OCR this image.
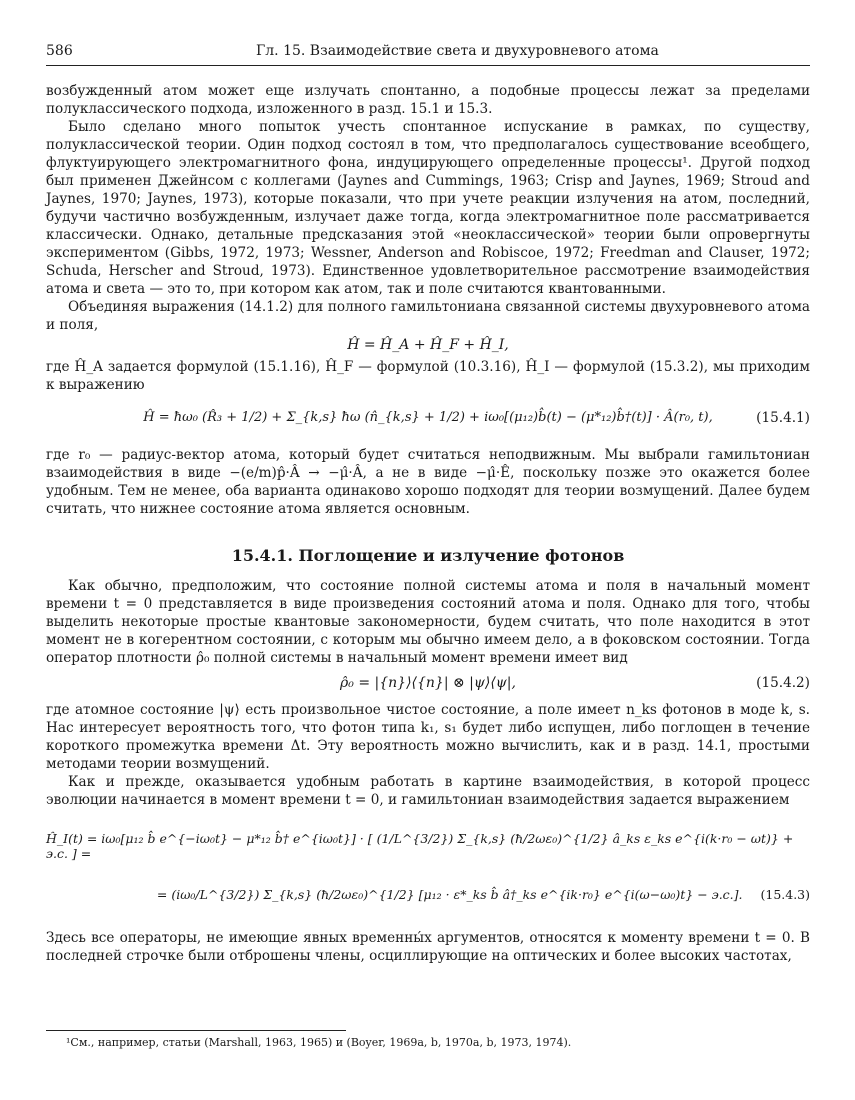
586	Гл. 15. Взаимодействие света и двухуровневого атома

возбужденный атом может еще излучать спонтанно, а подобные процессы лежат за пределами полуклассического подхода, изложенного в разд. 15.1 и 15.3.

Было сделано много попыток учесть спонтанное испускание в рамках, по существу, полуклассической теории. Один подход состоял в том, что предполагалось существование всеобщего, флуктуирующего электромагнитного фона, индуцирующего определенные процессы¹. Другой подход был применен Джейнсом с коллегами (Jaynes and Cummings, 1963; Crisp and Jaynes, 1969; Stroud and Jaynes, 1970; Jaynes, 1973), которые показали, что при учете реакции излучения на атом, последний, будучи частично возбужденным, излучает даже тогда, когда электромагнитное поле рассматривается классически. Однако, детальные предсказания этой «неоклассической» теории были опровергнуты экспериментом (Gibbs, 1972, 1973; Wessner, Anderson and Robiscoe, 1972; Freedman and Clauser, 1972; Schuda, Herscher and Stroud, 1973). Единственное удовлетворительное рассмотрение взаимодействия атома и света — это то, при котором как атом, так и поле считаются квантованными.

Объединяя выражения (14.1.2) для полного гамильтониана связанной системы двухуровневого атома и поля,

Ĥ = Ĥ_A + Ĥ_F + Ĥ_I,

где Ĥ_A задается формулой (15.1.16), Ĥ_F — формулой (10.3.16), Ĥ_I — формулой (15.3.2), мы приходим к выражению

Ĥ = ħω₀ (R̂₃ + 1/2) + Σ_{k,s} ħω (n̂_{k,s} + 1/2) + iω₀[(μ₁₂)b̂(t) − (μ*₁₂)b̂†(t)] · Â(r₀, t),	(15.4.1)

где r₀ — радиус-вектор атома, который будет считаться неподвижным. Мы выбрали гамильтониан взаимодействия в виде −(e/m)p̂·Â → −μ̂·Â, а не в виде −μ̂·Ê, поскольку позже это окажется более удобным. Тем не менее, оба варианта одинаково хорошо подходят для теории возмущений. Далее будем считать, что нижнее состояние атома является основным.

15.4.1. Поглощение и излучение фотонов

Как обычно, предположим, что состояние полной системы атома и поля в начальный момент времени t = 0 представляется в виде произведения состояний атома и поля. Однако для того, чтобы выделить некоторые простые квантовые закономерности, будем считать, что поле находится в этот момент не в когерентном состоянии, с которым мы обычно имеем дело, а в фоковском состоянии. Тогда оператор плотности ρ̂₀ полной системы в начальный момент времени имеет вид

ρ̂₀ = |{n}⟩⟨{n}| ⊗ |ψ⟩⟨ψ|,	(15.4.2)

где атомное состояние |ψ⟩ есть произвольное чистое состояние, а поле имеет n_ks фотонов в моде k, s. Нас интересует вероятность того, что фотон типа k₁, s₁ будет либо испущен, либо поглощен в течение короткого промежутка времени Δt. Эту вероятность можно вычислить, как и в разд. 14.1, простыми методами теории возмущений.

Как и прежде, оказывается удобным работать в картине взаимодействия, в которой процесс эволюции начинается в момент времени t = 0, и гамильтониан взаимодействия задается выражением

Ĥ_I(t) = iω₀[μ₁₂ b̂ e^{−iω₀t} − μ*₁₂ b̂† e^{iω₀t}] · [ (1/L^{3/2}) Σ_{k,s} (ħ/2ωε₀)^{1/2} â_ks ε_ks e^{i(k·r₀ − ωt)} + э.с. ] =
= (iω₀/L^{3/2}) Σ_{k,s} (ħ/2ωε₀)^{1/2} [μ₁₂ · ε*_ks b̂ â†_ks e^{ik·r₀} e^{i(ω−ω₀)t} − э.с.]. (15.4.3)

Здесь все операторы, не имеющие явных временны́х аргументов, относятся к моменту времени t = 0. В последней строчке были отброшены члены, осциллирующие на оптических и более высоких частотах,

¹См., например, статьи (Marshall, 1963, 1965) и (Boyer, 1969a, b, 1970a, b, 1973, 1974).
